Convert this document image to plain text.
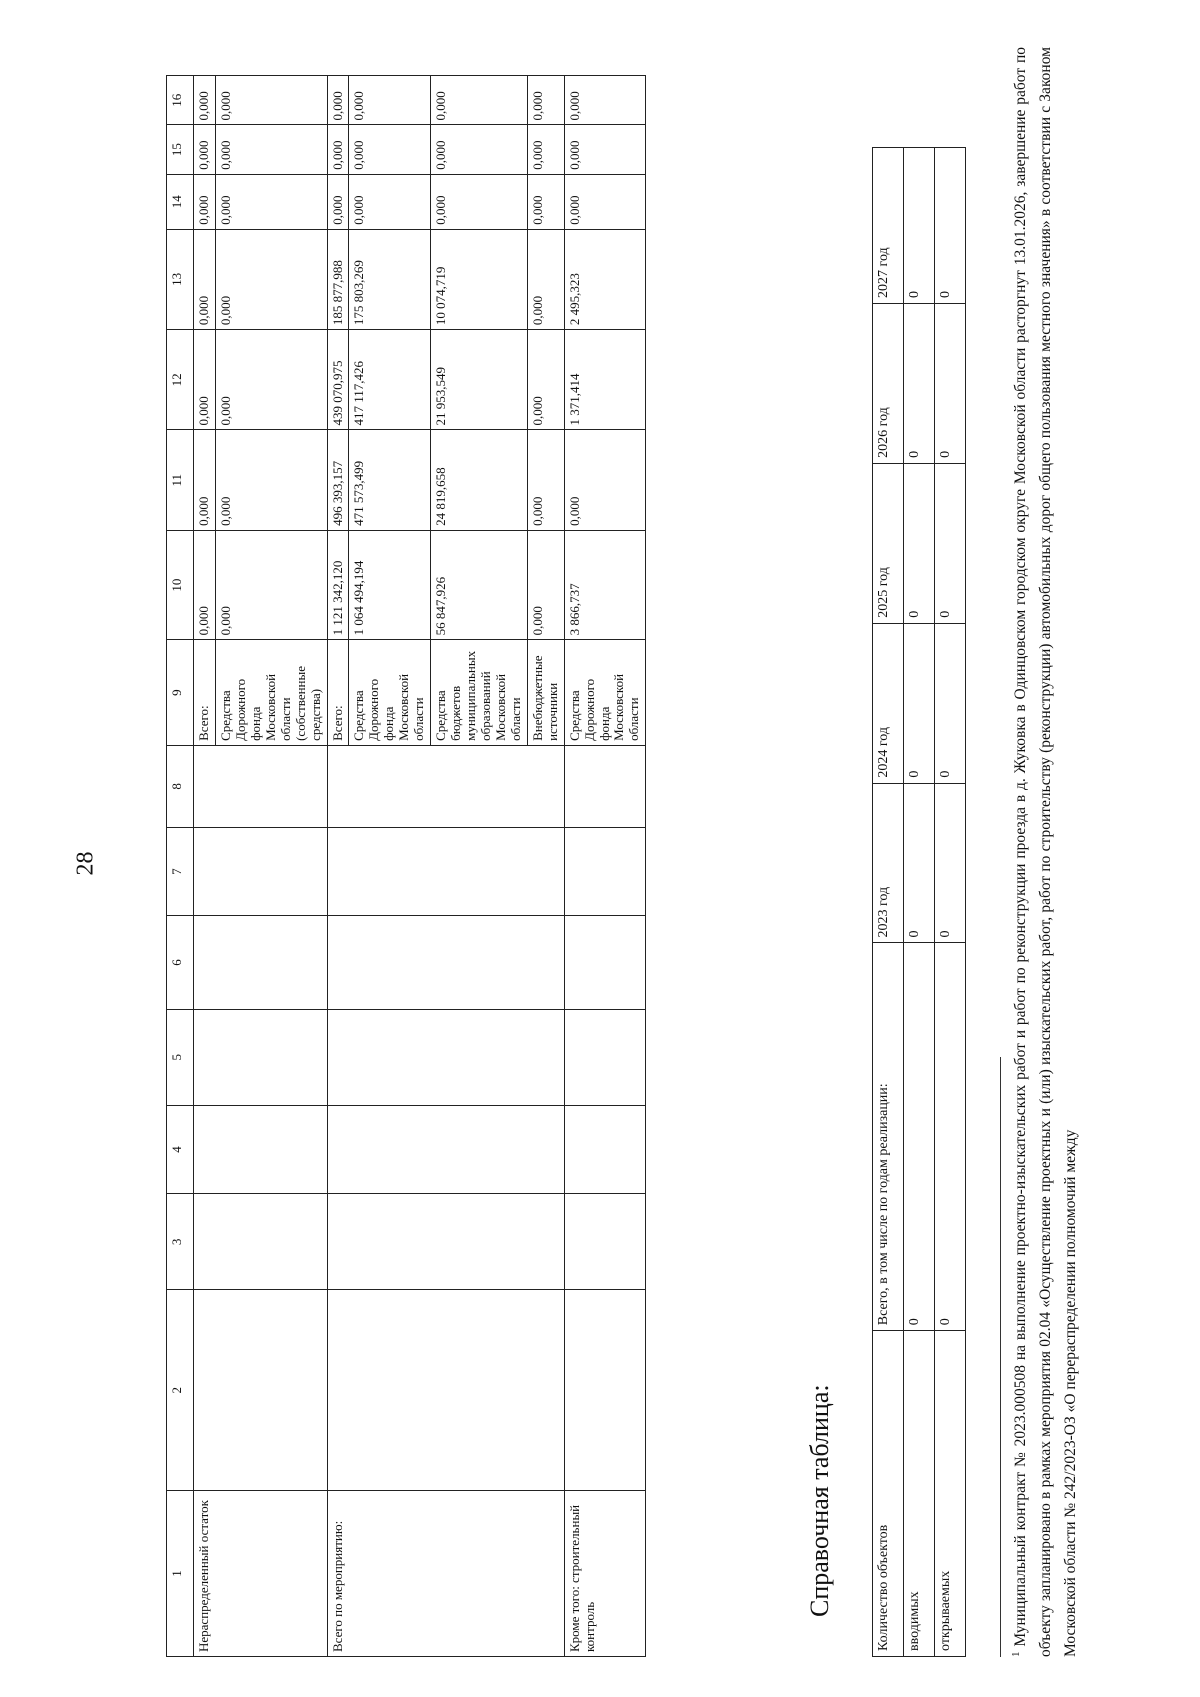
28
1	2	3	4	5	6	7	8	9	10	11	12	13	14	15	16
Нераспределенный остаток								Всего:	0,000	0,000	0,000	0,000	0,000	0,000	0,000
								Средства Дорожного фонда Московской области (собственные средства)	0,000	0,000	0,000	0,000	0,000	0,000	0,000
Всего по мероприятию:								Всего:	1 121 342,120	496 393,157	439 070,975	185 877,988	0,000	0,000	0,000
								Средства Дорожного фонда Московской области	1 064 494,194	471 573,499	417 117,426	175 803,269	0,000	0,000	0,000
								Средства бюджетов муниципальных образований Московской области	56 847,926	24 819,658	21 953,549	10 074,719	0,000	0,000	0,000
								Внебюджетные источники	0,000	0,000	0,000	0,000	0,000	0,000	0,000
Кроме того: строительный контроль								Средства Дорожного фонда Московской области	3 866,737	0,000	1 371,414	2 495,323	0,000	0,000	0,000
Справочная таблица:	Количество объектов	Всего, в том числе по годам реализации:	2023 год	2024 год	2025 год	2026 год	2027 год
вводимых	0	0	0	0	0	0
открываемых	0	0	0	0	0	0
$^1$ Муниципальный контракт № 2023.000508 на выполнение проектно-изыскательских работ и работ по реконструкции проезда в д. Жуковка в Одинцовском городском округе Московской области расторгнут 13.01.2026, завершение работ по объекту запланировано в рамках мероприятия 02.04 «Осуществление проектных и (или) изыскательских работ, работ по строительству (реконструкции) автомобильных дорог общего пользования местного значения» в соответствии с Законом Московской области № 242/2023-ОЗ «О перераспределении полномочий между
